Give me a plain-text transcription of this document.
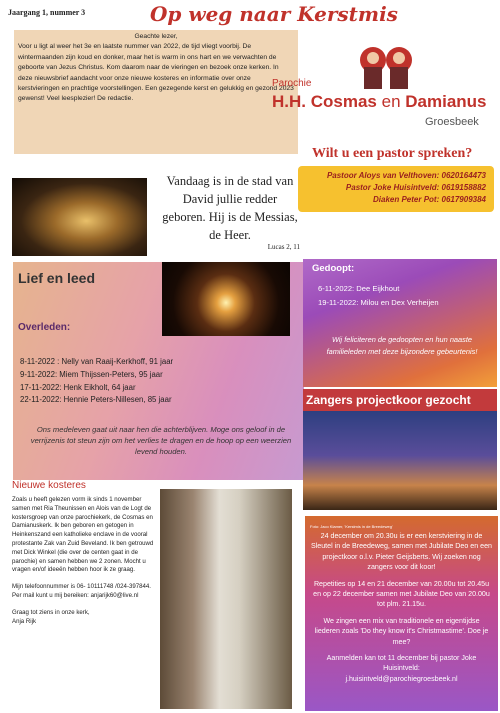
Jaargang 1, nummer 3	Op weg naar Kerstmis

Geachte lezer,

Voor u ligt al weer het 3e en laatste nummer van 2022, de tijd vliegt voorbij. De wintermaanden zijn koud en donker, maar het is warm in ons hart en we verwachten de geboorte van Jezus Christus. Kom daarom naar de vieringen en bezoek onze kerken. In deze nieuwsbrief aandacht voor onze nieuwe kosteres en informatie over onze kerstvieringen en prachtige voorstellingen. Een gezegende kerst en gelukkig en gezond 2023 gewenst! Veel leesplezier! De redactie.

Parochie
H.H. Cosmas en Damianus
Groesbeek
Vandaag is in de stad van David jullie redder geboren. Hij is de Messias, de Heer.
Lucas 2, 11
Wilt u een pastor spreken?
Pastoor Aloys van Velthoven: 0620164473
Pastor Joke Huisintveld: 0619158882
Diaken Peter Pot: 0617909384
Lief en leed
Overleden:
8-11-2022 : Nelly van Raaij-Kerkhoff, 91 jaar
9-11-2022: Miem Thijssen-Peters, 95 jaar
17-11-2022: Henk Eikholt, 64 jaar
22-11-2022: Hennie Peters-Nillesen, 85 jaar
Ons medeleven gaat uit naar hen die achterblijven. Moge ons geloof in de verrijzenis tot steun zijn om het verlies te dragen en de hoop op een weerzien levend houden.
Gedoopt:
6-11-2022: Dee Eijkhout
19-11-2022: Milou en Dex Verheijen
Wij feliciteren de gedoopten en hun naaste familieleden met deze bijzondere gebeurtenis!
Zangers projectkoor gezocht
Nieuwe kosteres

Zoals u heeft gelezen vorm ik sinds 1 november samen met Ria Theunissen en Alois van de Logt de kostersgroep van onze parochiekerk, de Cosmas en Damianuskerk. Ik ben geboren en getogen in Heinkenszand een katholieke enclave in de vooral protestante Zak van Zuid Beveland. Ik ben getrouwd met Dick Winkel (die over de centen gaat in de parochie) en samen hebben we 2 zonen. Mocht u vragen en/of ideeën hebben hoor ik ze graag.

Mijn telefoonnummer is 06- 10111748 /024-397844. Per mail kunt u mij bereiken: anjarijk60@live.nl

Graag tot ziens in onze kerk,

Anja Rijk

Foto: Jaco Klamer, 'Kerstmis in de Breedeweg'

24 december om 20.30u is er een kerstviering in de Sleutel in de Breedeweg, samen met Jubilate Deo en een projectkoor o.l.v. Pieter Geijsberts. Wij zoeken nog zangers voor dit koor!

Repetities op 14 en 21 december van 20.00u tot 20.45u en op 22 december samen met Jubilate Deo van 20.00u tot plm. 21.15u.

We zingen een mix van traditionele en eigentijdse liederen zoals 'Do they know it's Christmastime'. Doe je mee?

Aanmelden kan tot 11 december bij pastor Joke Huisintveld:

j.huisintveld@parochiegroesbeek.nl
